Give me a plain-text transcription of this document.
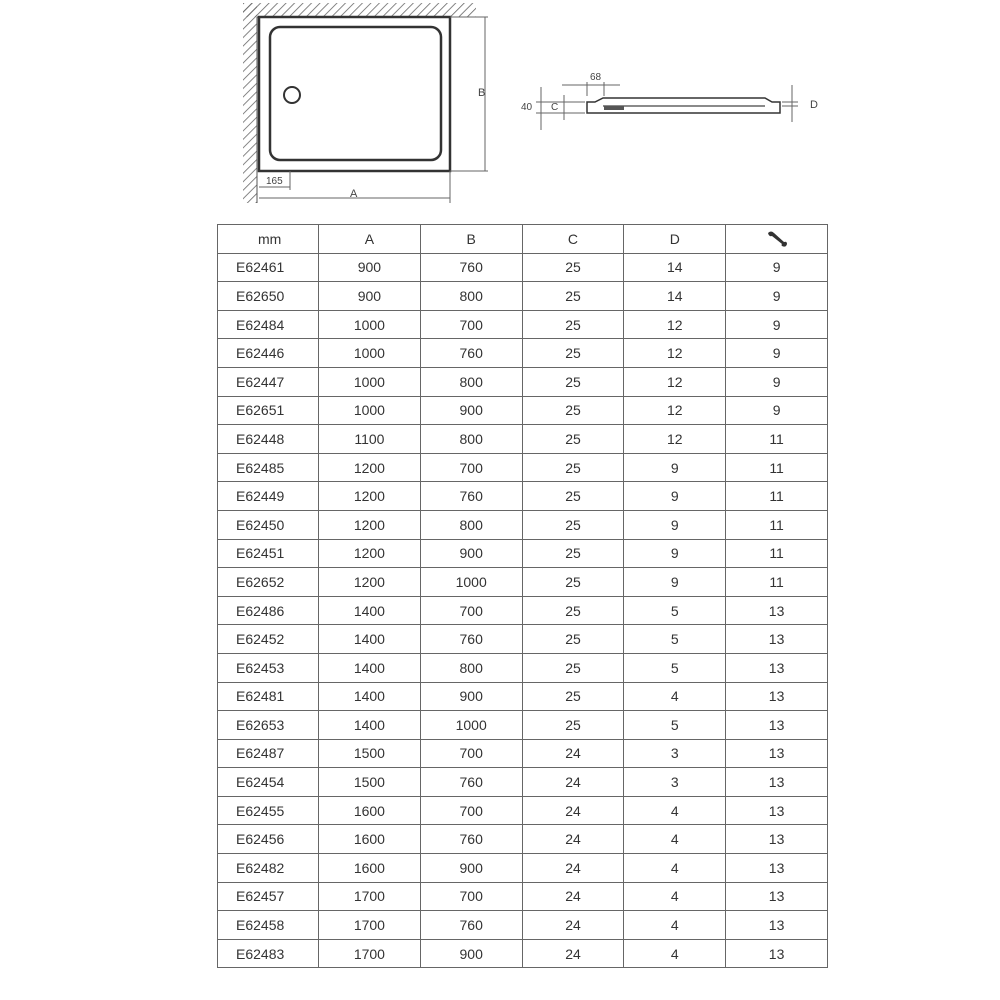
B
A
165
68
40 C	D
mm	A	B	C	D	
E62461	900	760	25	14	9
E62650	900	800	25	14	9
E62484	1000	700	25	12	9
E62446	1000	760	25	12	9
E62447	1000	800	25	12	9
E62651	1000	900	25	12	9
E62448	1100	800	25	12	11
E62485	1200	700	25	9	11
E62449	1200	760	25	9	11
E62450	1200	800	25	9	11
E62451	1200	900	25	9	11
E62652	1200	1000	25	9	11
E62486	1400	700	25	5	13
E62452	1400	760	25	5	13
E62453	1400	800	25	5	13
E62481	1400	900	25	4	13
E62653	1400	1000	25	5	13
E62487	1500	700	24	3	13
E62454	1500	760	24	3	13
E62455	1600	700	24	4	13
E62456	1600	760	24	4	13
E62482	1600	900	24	4	13
E62457	1700	700	24	4	13
E62458	1700	760	24	4	13
E62483	1700	900	24	4	13
